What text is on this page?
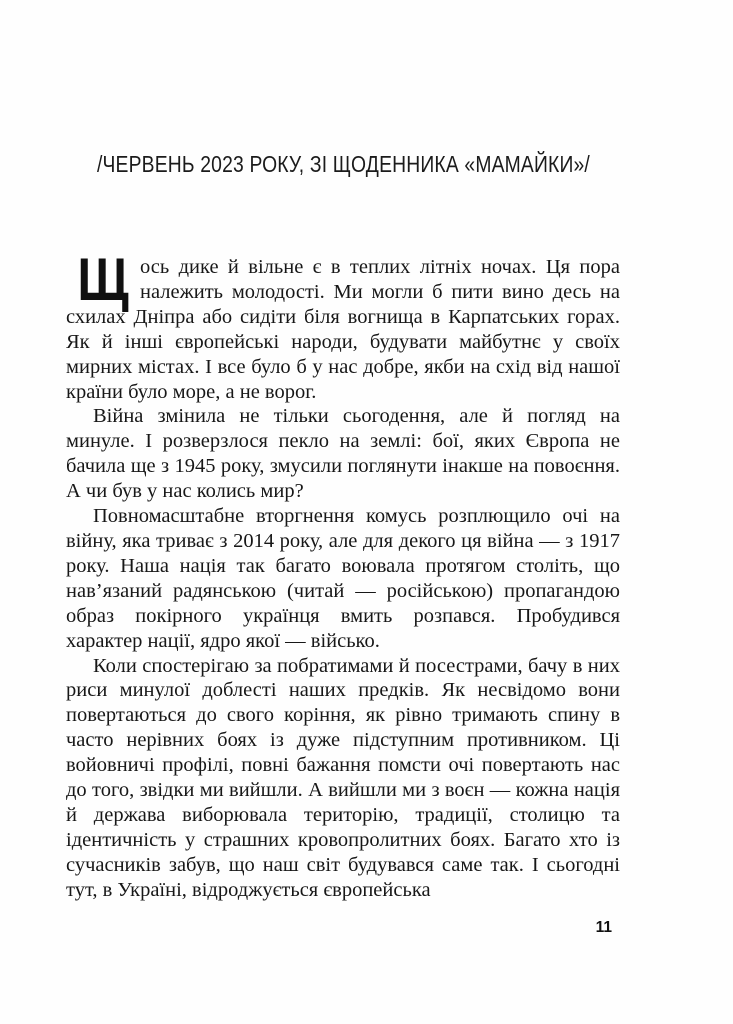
/ЧЕРВЕНЬ 2023 РОКУ, ЗІ ЩОДЕННИКА «МАМАЙКИ»/

Щось дике й вільне є в теплих літніх ночах. Ця пора належить молодості. Ми могли б пити вино десь на схилах Дніпра або сидіти біля вогнища в Карпатських горах. Як й інші європейські народи, будувати майбутнє у своїх мирних містах. І все було б у нас добре, якби на схід від нашої країни було море, а не ворог.

Війна змінила не тільки сьогодення, але й погляд на минуле. І розверзлося пекло на землі: бої, яких Європа не бачила ще з 1945 року, змусили поглянути інакше на повоєння. А чи був у нас колись мир?

Повномасштабне вторгнення комусь розплющило очі на війну, яка триває з 2014 року, але для декого ця війна — з 1917 року. Наша нація так багато воювала протягом століть, що нав’язаний радянською (читай — російською) пропагандою образ покірного українця вмить розпався. Пробудився характер нації, ядро якої — військо.

Коли спостерігаю за побратимами й посестрами, бачу в них риси минулої доблесті наших предків. Як несвідомо вони повертаються до свого коріння, як рівно тримають спину в часто нерівних боях із дуже підступним противником. Ці войовничі профілі, повні бажання помсти очі повертають нас до того, звідки ми вийшли. А вийшли ми з воєн — кожна нація й держава виборювала територію, традиції, столицю та ідентичність у страшних кровопролитних боях. Багато хто із сучасників забув, що наш світ будувався саме так. І сьогодні тут, в Україні, відроджується європейська

11
